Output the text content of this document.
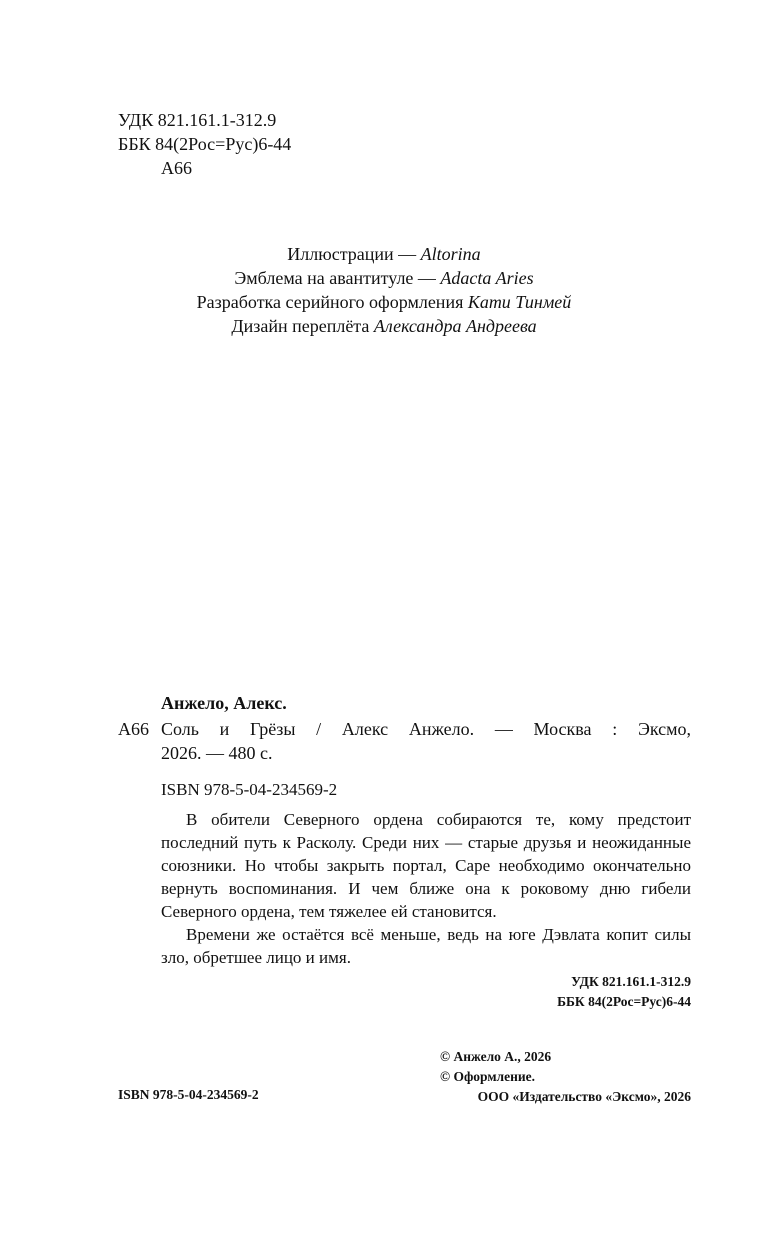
УДК 821.161.1-312.9
ББК 84(2Рос=Рус)6-44
А66
Иллюстрации — Altorina
Эмблема на авантитуле — Adacta Aries
Разработка серийного оформления Кати Тинмей
Дизайн переплёта Александра Андреева
Анжело, Алекс.
А66 Соль и Грёзы / Алекс Анжело. — Москва : Эксмо,
2026. — 480 с.
ISBN 978-5-04-234569-2

В обители Северного ордена собираются те, кому предстоит последний путь к Расколу. Среди них — старые друзья и неожиданные союзники. Но чтобы закрыть портал, Саре необходимо окончательно вернуть воспоминания. И чем ближе она к роковому дню гибели Северного ордена, тем тяжелее ей становится.

Времени же остаётся всё меньше, ведь на юге Дэвлата копит силы зло, обретшее лицо и имя.

УДК 821.161.1-312.9
ББК 84(2Рос=Рус)6-44
© Анжело А., 2026
© Оформление.
ООО «Издательство «Эксмо», 2026
ISBN 978-5-04-234569-2
